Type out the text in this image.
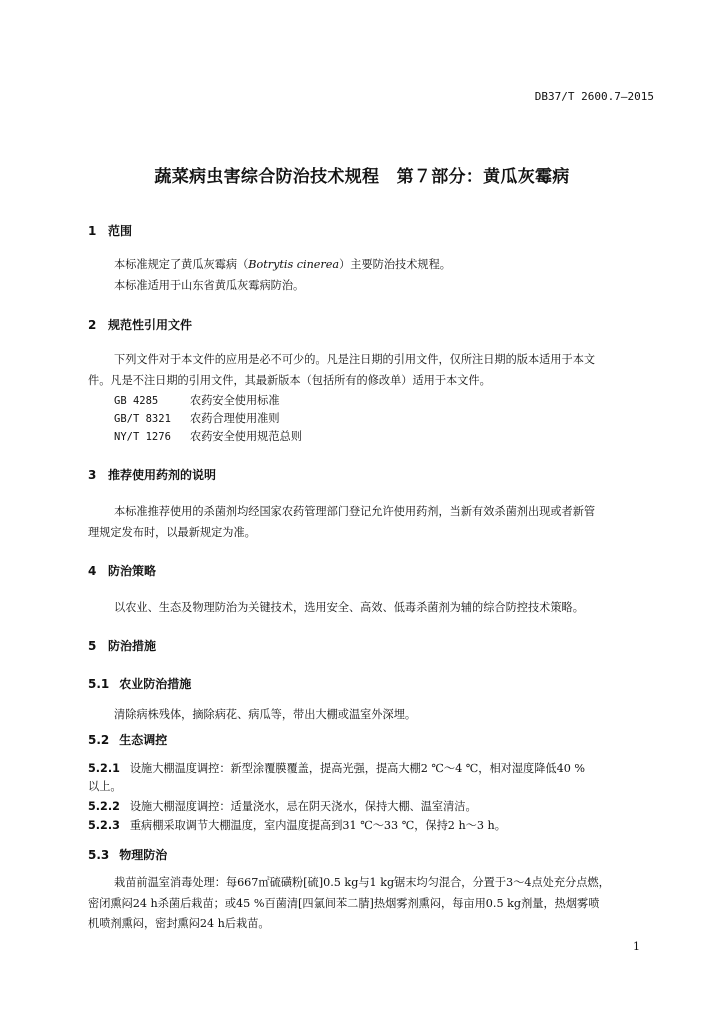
DB37/T 2600.7—2015
蔬菜病虫害综合防治技术规程　第７部分：黄瓜灰霉病
1 范围
本标准规定了黄瓜灰霉病（Botrytis cinerea）主要防治技术规程。
本标准适用于山东省黄瓜灰霉病防治。
2 规范性引用文件
下列文件对于本文件的应用是必不可少的。凡是注日期的引用文件，仅所注日期的版本适用于本文
件。凡是不注日期的引用文件，其最新版本（包括所有的修改单）适用于本文件。
GB 4285	农药安全使用标准
GB/T 8321 农药合理使用准则
NY/T 1276 农药安全使用规范总则
3 推荐使用药剂的说明
本标准推荐使用的杀菌剂均经国家农药管理部门登记允许使用药剂，当新有效杀菌剂出现或者新管
理规定发布时，以最新规定为准。
4 防治策略
以农业、生态及物理防治为关键技术，选用安全、高效、低毒杀菌剂为辅的综合防控技术策略。
5 防治措施
5.1 农业防治措施
清除病株残体，摘除病花、病瓜等，带出大棚或温室外深埋。
5.2 生态调控
5.2.1 设施大棚温度调控：新型涂覆膜覆盖，提高光强，提高大棚2 ℃～4 ℃，相对湿度降低40 %
以上。
5.2.2 设施大棚湿度调控：适量浇水，忌在阴天浇水，保持大棚、温室清洁。
5.2.3 重病棚采取调节大棚温度，室内温度提高到31 ℃～33 ℃，保持2 h～3 h。
5.3 物理防治
栽苗前温室消毒处理：每667㎡硫磺粉[硫]0.5 kg与1 kg锯末均匀混合，分置于3～4点处充分点燃，
密闭熏闷24 h杀菌后栽苗；或45 %百菌清[四氯间苯二腈]热烟雾剂熏闷，每亩用0.5 kg剂量，热烟雾喷
机喷剂熏闷，密封熏闷24 h后栽苗。
1
